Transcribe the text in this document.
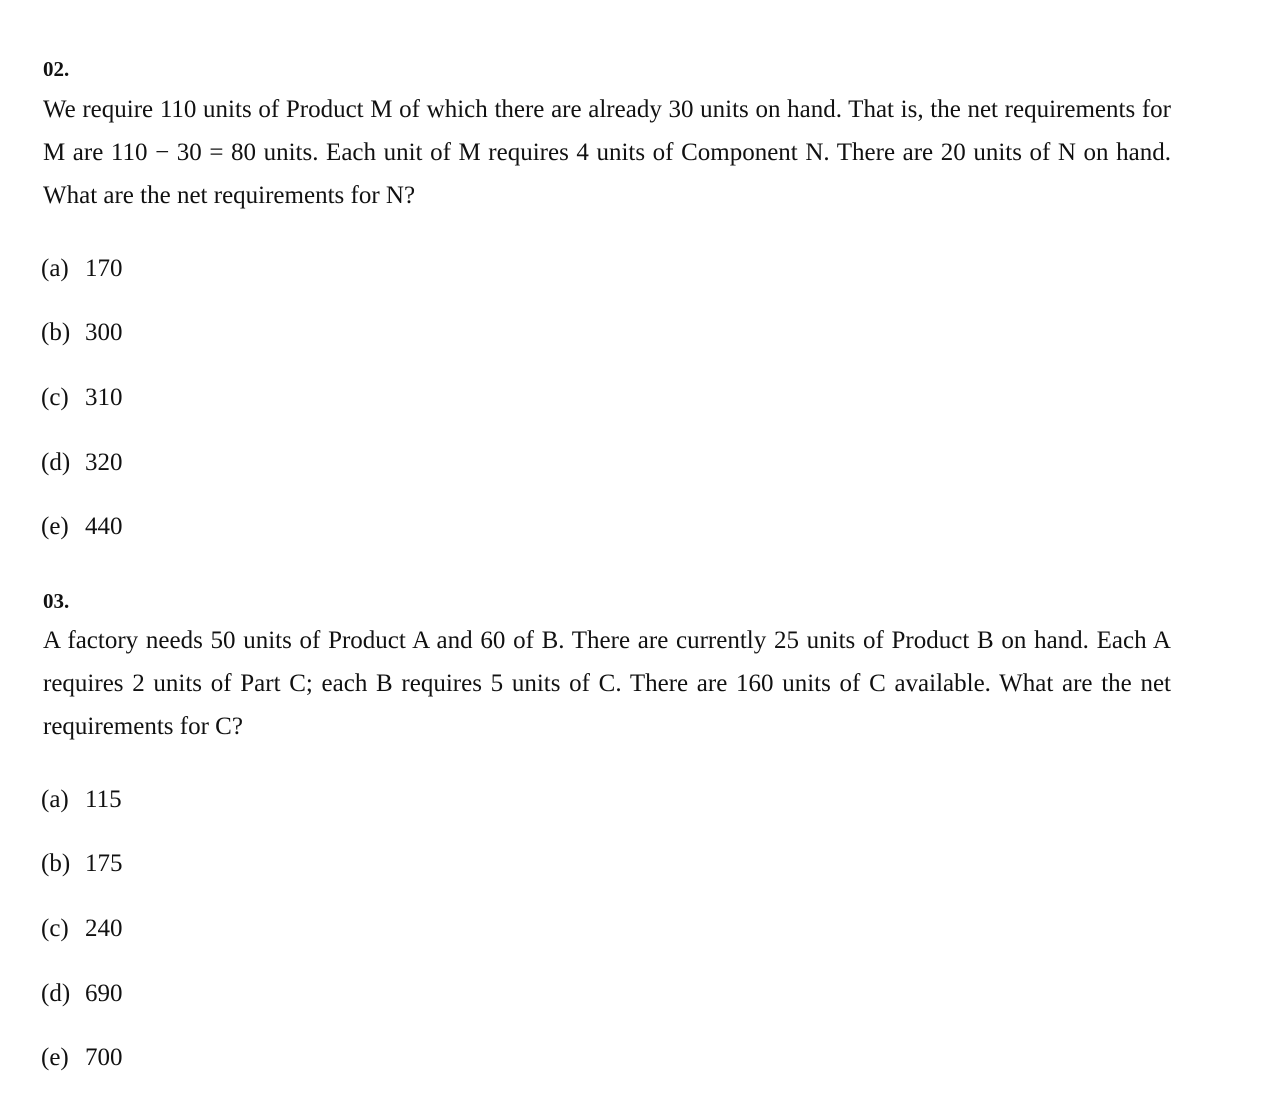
02.
We require 110 units of Product M of which there are already 30 units on hand. That is, the net requirements for M are 110 − 30 = 80 units. Each unit of M requires 4 units of Component N. There are 20 units of N on hand. What are the net requirements for N?
(a) 170
(b) 300
(c) 310
(d) 320
(e) 440
03.
A factory needs 50 units of Product A and 60 of B. There are currently 25 units of Product B on hand. Each A requires 2 units of Part C; each B requires 5 units of C. There are 160 units of C available. What are the net requirements for C?
(a) 115
(b) 175
(c) 240
(d) 690
(e) 700
